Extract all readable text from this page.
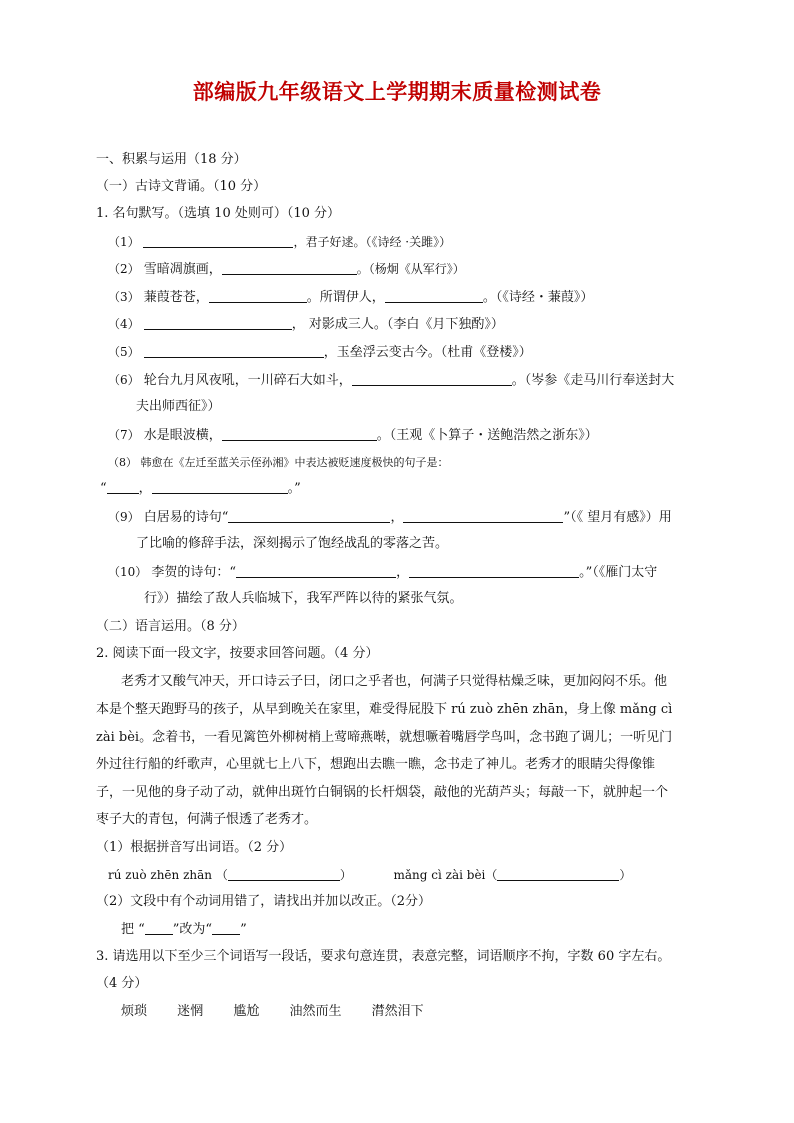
部编版九年级语文上学期期末质量检测试卷
一、积累与运用（18 分）
（一）古诗文背诵。（10 分）
1. 名句默写。（选填 10 处则可）（10 分）
（1）	，君子好逑。（《诗经 ·关雎》）
（2） 雪暗凋旗画，	。（杨炯《从军行》）
（3） 蒹葭苍苍，	。所谓伊人，	。（《诗经・蒹葭》）
（4）	， 对影成三人。（李白《月下独酌》）
（5）	，玉垒浮云变古今。（杜甫《登楼》）
（6） 轮台九月风夜吼，一川碎石大如斗，	。（岑参《走马川行奉送封大
夫出师西征》）
（7） 水是眼波横，	。（王观《卜算子・送鲍浩然之浙东》）
（8） 韩愈在《左迁至蓝关示侄孙湘》中表达被贬速度极快的句子是：
“ ，	。”
（9） 白居易的诗句“	，	”（《 望月有感》）用
了比喻的修辞手法，深刻揭示了饱经战乱的零落之苦。
（10） 李贺的诗句：“	，	。”（《雁门太守
行》）描绘了敌人兵临城下，我军严阵以待的紧张气氛。
（二）语言运用。（8 分）
2. 阅读下面一段文字，按要求回答问题。（4 分）
老秀才又酸气冲天，开口诗云子曰，闭口之乎者也，何满子只觉得枯燥乏味，更加闷闷不乐。他
本是个整天跑野马的孩子，从早到晚关在家里，难受得屁股下 rú zuò zhēn zhān，身上像 mǎng cì
zài bèi。念着书，一看见篱笆外柳树梢上莺啼燕啭，就想噘着嘴唇学鸟叫，念书跑了调儿；一听见门
外过往行船的纤歌声，心里就七上八下，想跑出去瞧一瞧，念书走了神儿。老秀才的眼睛尖得像锥
子，一见他的身子动了动，就伸出斑竹白铜锅的长杆烟袋，敲他的光葫芦头；每敲一下，就肿起一个
枣子大的青包，何满子恨透了老秀才。
（1）根据拼音写出词语。（2 分）
rú zuò zhēn zhān （	）	mǎng cì zài bèi（	）
（2）文段中有个动词用错了，请找出并加以改正。（2分）
把 “ ”改为“ ”
3. 请选用以下至少三个词语写一段话，要求句意连贯，表意完整，词语顺序不拘，字数 60 字左右。
（4 分）
烦琐 迷惘 尴尬 油然而生 潸然泪下
